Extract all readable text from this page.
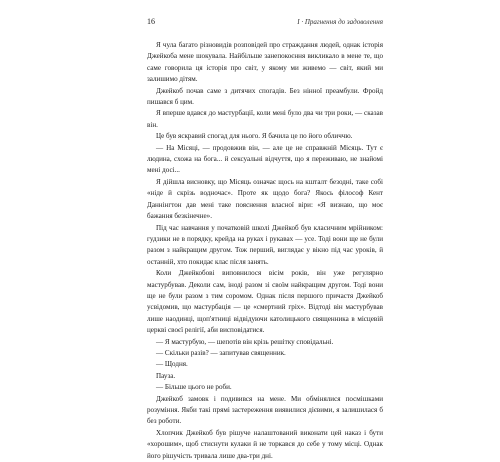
16	I · Прагнення до задоволення

Я чула багато різновидів розповідей про страждання людей, однак історія Джейкоба мене шокувала. Найбільше занепокоєння викликало в мене те, що саме говорила ця історія про світ, у якому ми живемо — світ, який ми залишимо дітям.

Джейкоб почав саме з дитячих спогадів. Без нінної преамбули. Фройд пишався б цим.

Я вперше вдався до мастурбації, коли мені було два чи три роки, — сказав він.

Це був яскравий спогад для нього. Я бачила це по його обличчю.

— На Місяці, — продовжив він, — але це не справжній Місяць. Тут є людина, схожа на бога... й сексуальні відчуття, що я переживаю, не знайомі мені досі...

Я дійшла висновку, що Місяць означає щось на кшталт безодні, таке собі «ніде й скрізь водночас». Проте як щодо бога? Якось філософ Кент Даннінгтон дав мені таке пояснення власної віри: «Я визнаю, що моє бажання безкінечне».

Під час навчання у початковій школі Джейкоб був класичним мрійником: гудзики не в порядку, крейда на руках і рукавах — усе. Тоді вони ще не були разом з найкращим другом. Тож перший, виглядає у вікно під час уроків, й останній, хто покидає клас після занять.

Коли Джейкобові виповнилося вісім років, він уже регулярно мастурбував. Деколи сам, іноді разом зі своїм найкращим другом. Тоді вони ще не були разом з тим соромом. Однак після першого причастя Джейкоб усвідомив, що мастурбація — це «смертний гріх». Відтоді він мастурбував лише наодинці, щоп'ятниці відвідуючи католицького священника в місцевій церкві своєї релігії, аби висповідатися.

— Я мастурбую, — шепотів він крізь решітку сповідальні.

— Скільки разів? — запитував священник.

— Щодня.

Пауза.

— Більше цього не роби.

Джейкоб замовк і подивився на мене. Ми обмінялися посмішками розуміння. Якби такі прямі застереження виявилися дієвими, я залишилася б без роботи.

Хлопчик Джейкоб був рішуче налаштований виконати цей наказ і бути «хорошим», щоб стиснути кулаки й не торкався до себе у тому місці. Однак його рішучість тривала лише два-три дні.
